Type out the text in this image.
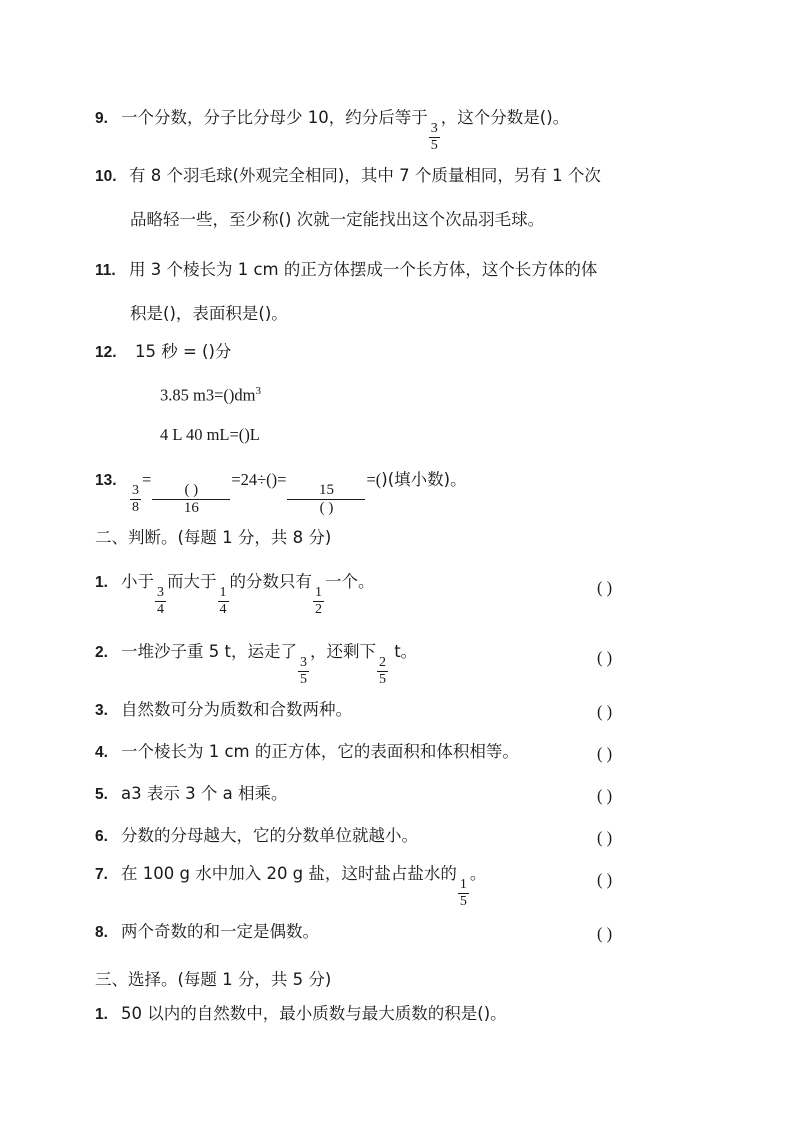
9. 一个分数，分子比分母少 10，约分后等于
$\frac{3}{5}$
，这个分数是()。
10. 有 8 个羽毛球(外观完全相同)，其中 7 个质量相同，另有 1 个次
品略轻一些，至少称() 次就一定能找出这个次品羽毛球。
11. 用 3 个棱长为 1 cm 的正方体摆成一个长方体，这个长方体的体
积是()，表面积是()。
12. 15 秒 = ()分
3.85 $m3=()dm^3$
4 L 40 mL=()L
13.
$\frac{3}{8}$
=
$\frac{( )}{16}$
=24÷()=
$\frac{15}{( )}$
=()(填小数)。
二、判断。(每题 1 分，共 8 分)
1. 小于
$\frac{3}{4}$
而大于
$\frac{1}{4}$
的分数只有
$\frac{1}{2}$
一个。	( )
2. 一堆沙子重 5 t，运走了
$\frac{3}{5}$
，还剩下
$\frac{2}{5}$
t。	( )
3. 自然数可分为质数和合数两种。	( )
4. 一个棱长为 1 cm 的正方体，它的表面积和体积相等。	( )
5. a3 表示 3 个 a 相乘。	( )
6. 分数的分母越大，它的分数单位就越小。	( )
7. 在 100 g 水中加入 20 g 盐，这时盐占盐水的
$\frac{1}{5}$
。	( )
8. 两个奇数的和一定是偶数。	( )
三、选择。(每题 1 分，共 5 分)
1. 50 以内的自然数中，最小质数与最大质数的积是()。
